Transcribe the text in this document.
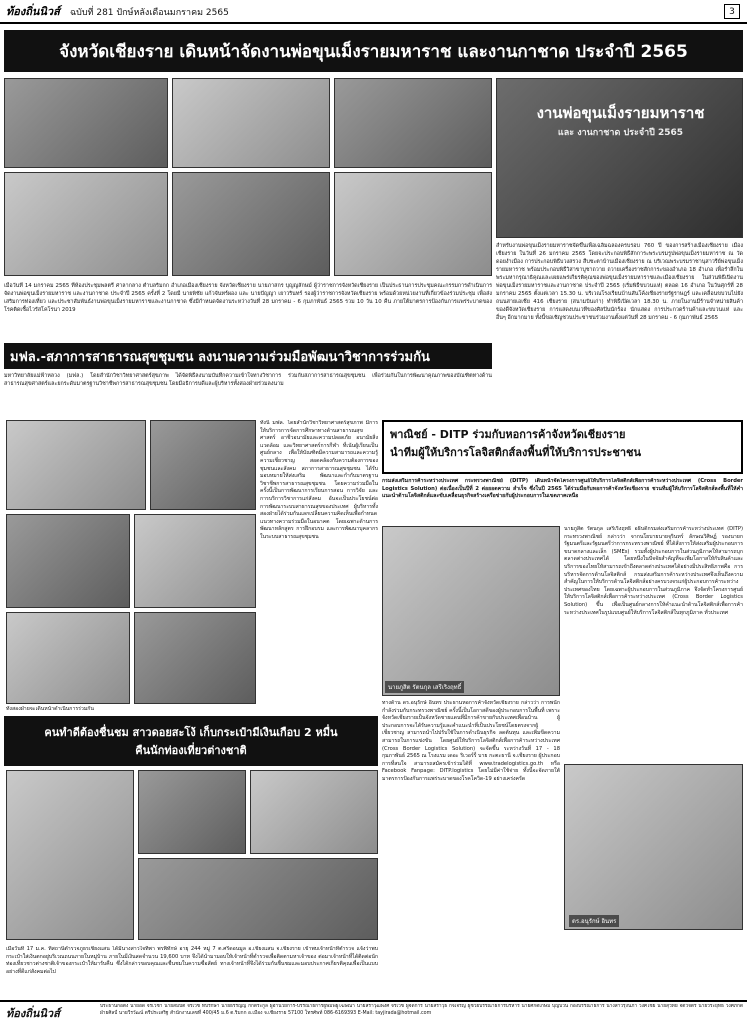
ท้องถิ่นนิวส์	ฉบับที่ 281 ปักษ์หลังเดือนมกราคม 2565	3
จังหวัดเชียงราย เดินหน้าจัดงานพ่อขุนเม็งรายมหาราช และงานกาชาด ประจำปี 2565
งานพ่อขุนเม็งรายมหาราช
และ งานกาชาด ประจำปี 2565
เมื่อวันที่ 14 มกราคม 2565 ที่ห้องประชุมพลตรี ศาลากลาง ตำบลริมกก อำเภอเมืองเชียงราย จังหวัดเชียงราย นายภาสกร บุญญลักษม์ ผู้ว่าราชการจังหวัดเชียงราย เป็นประธานการประชุมคณะกรรมการดำเนินการจัดงานพ่อขุนเม็งรายมหาราช และงานกาชาด ประจำปี 2565 ครั้งที่ 2 โดยมี นายพิชัย แก้วจันทร์ผอง และ นายปัญญา เยาวรินทร์ รองผู้ว่าราชการจังหวัดเชียงราย พร้อมด้วยหน่วยงานที่เกี่ยวข้องร่วมประชุม เพื่อส่งเสริมการท่องเที่ยว และประชาสัมพันธ์งานพ่อขุนเม็งรายมหาราชและงานกาชาด ซึ่งมีกำหนดจัดงานระหว่างวันที่ 28 มกราคม - 6 กุมภาพันธ์ 2565 รวม 10 วัน 10 คืน ภายใต้มาตรการป้องกันการแพร่ระบาดของโรคติดเชื้อไวรัสโคโรนา 2019
สำหรับงานพ่อขุนเม็งรายมหาราชจัดขึ้นเพื่อเฉลิมฉลองครบรอบ 760 ปี ของการสร้างเมืองเชียงราย เมืองเชียงราย ในวันที่ 26 มกราคม 2565 โดยจะประกอบพิธีสักการะพระบรมรูปพ่อขุนเม็งรายมหาราช ณ วัดดอยงำเมือง การประกอบพิธีบวงสรวง สืบชะตาบ้านเมืองเชียงราย ณ บริเวณพระบรมราชานุสาวรีย์พ่อขุนเม็งรายมหาราช พร้อมประกอบพิธีวิสาขาบูชาถวาย ถวายเครื่องราชสักการะของอำเภอ 18 อำเภอ เพื่อรำลึกในพระมหากรุณาธิคุณและเผยแพร่เกียรติคุณของพ่อขุนเม็งรายมหาราชและเมืองเชียงราย ในส่วนพิธีเปิดงานพ่อขุนเม็งรายมหาราชและงานกาชาด ประจำปี 2565 (เริ่มพิธีขบวนแห่) ตลอด 16 อำเภอ ในวันศุกร์ที่ 28 มกราคม 2565 ตั้งแต่เวลา 15.30 น. บริเวณโรงเรียนบ้านสันโค้งเชียงรายรัฐราษฎร์ และเคลื่อนขบวนไปยังถนนสายเอเชีย 416 เชียงราย (สนามบินเก่า) ทำพิธีเปิดเวลา 18.30 น. ภายในงานมีร้านจำหน่ายสินค้าของดีจังหวัดเชียงราย การแสดงบนเวทีของศิลปินนักร้อง นักแสดง การประกวดร้านค้าและขบวนแห่ และอื่นๆ อีกมากมาย ทั้งนี้ขอเชิญชวนประชาชนร่วมงานตั้งแต่วันที่ 28 มกราคม - 6 กุมภาพันธ์ 2565
มฟล.-สภาการสาธารณสุขชุมชน ลงนามความร่วมมือพัฒนาวิชาการร่วมกัน
มหาวิทยาลัยแม่ฟ้าหลวง (มฟล.) โดยสำนักวิชาวิทยาศาสตร์สุขภาพ ได้จัดพิธีลงนามบันทึกความเข้าใจทางวิชาการ ร่วมกับสภาการสาธารณสุขชุมชน เพื่อร่วมกันในการพัฒนาคุณภาพของบัณฑิตทางด้านสาธารณสุขศาสตร์และยกระดับมาตรฐานวิชาชีพการสาธารณสุขชุมชน โดยมีอธิการบดีและผู้บริหารทั้งสองฝ่ายร่วมลงนาม
ทั้งนี้ มฟล. โดยสำนักวิชาวิทยาศาสตร์สุขภาพ มีการให้บริการการจัดการศึกษาทางด้านสาธารณสุขศาสตร์ อาชีวอนามัยและความปลอดภัย อนามัยสิ่งแวดล้อม และวิทยาศาสตร์การกีฬา ที่เน้นผู้เรียนเป็นศูนย์กลาง เพื่อให้บัณฑิตมีความสามารถและความรู้ความเชี่ยวชาญ สอดคล้องกับความต้องการของชุมชนและสังคม สภาการสาธารณสุขชุมชน ได้รับมอบหมายให้ส่งเสริม พัฒนาและกำกับมาตรฐานวิชาชีพการสาธารณสุขชุมชน โดยความร่วมมือในครั้งนี้เป็นการพัฒนาการเรียนการสอน การวิจัย และการบริการวิชาการแก่สังคม อันจะเป็นประโยชน์ต่อการพัฒนาระบบสาธารณสุขของประเทศ ผู้บริหารทั้งสองฝ่ายได้ร่วมกันแลกเปลี่ยนความคิดเห็นเพื่อกำหนดแนวทางความร่วมมือในอนาคต โดยเฉพาะด้านการพัฒนาหลักสูตร การฝึกอบรม และการพัฒนาบุคลากรในระบบสาธารณสุขชุมชน
ทั้งสองฝ่ายจะเดินหน้าดำเนินการร่วมกัน
คนทำดีต้องชื่นชม สาวดอยสะโง้ เก็บกระเป๋ามีเงินเกือบ 2 หมื่น
คืนนักท่องเที่ยวต่างชาติ
เมื่อวันที่ 17 ม.ค. ที่สถานีตำรวจภูธรเชียงแสน ได้มีนางสาวใจทิพา พรพิทักษ์ อายุ 244 หมู่ 7 ต.ศรีดอนมูล อ.เชียงแสน จ.เชียงราย เข้าพบเจ้าหน้าที่ตำรวจ แจ้งว่าพบกระเป๋าใส่เงินตกอยู่บริเวณถนนภายในหมู่บ้าน ภายในมีเงินสดจำนวน 19,600 บาท จึงได้นำมามอบให้เจ้าหน้าที่ตำรวจเพื่อติดตามหาเจ้าของ ต่อมาเจ้าหน้าที่ได้ติดต่อนักท่องเที่ยวชาวต่างชาติเจ้าของกระเป๋าให้มารับคืน ซึ่งได้กล่าวขอบคุณและชื่นชมในความซื่อสัตย์ ทางเจ้าหน้าที่จึงได้ร่วมกันชื่นชมและมอบประกาศเกียรติคุณเพื่อเป็นแบบอย่างที่ดีแก่สังคมต่อไป
พาณิชย์ - DITP ร่วมกับหอการค้าจังหวัดเชียงราย
นำทีมผู้ให้บริการโลจิสติกส์ลงพื้นที่ให้บริการประชาชน
กรมส่งเสริมการค้าระหว่างประเทศ กระทรวงพาณิชย์ (DITP) เดินหน้าจัดโครงการศูนย์ให้บริการโลจิสติกส์เพื่อการค้าระหว่างประเทศ (Cross Border Logistics Solution) ต่อเนื่องเป็นปีที่ 2 ต่อยอดความ สำเร็จ ซึ่งในปี 2565 ได้ร่วมมือกับหอการค้าจังหวัดเชียงราย ชวนทีมผู้ให้บริการโลจิสติกส์ลงพื้นที่ให้คำแนะนำด้านโลจิสติกส์และขับเคลื่อนธุรกิจสร้างเครือข่ายกับผู้ประกอบการในเขตภาคเหนือ
นายภูสิต รัตนกุล เสรีเริงฤทธิ์
นายภูสิต รัตนกุล เสรีเริงฤทธิ์ อธิบดีกรมส่งเสริมการค้าระหว่างประเทศ (DITP) กระทรวงพาณิชย์ กล่าวว่า จากนโยบายนายจุรินทร์ ลักษณวิศิษฏ์ รองนายกรัฐมนตรีและรัฐมนตรีว่าการกระทรวงพาณิชย์ ที่ได้สั่งการให้ส่งเสริมผู้ประกอบการขนาดกลางและเล็ก (SMEs) รวมทั้งผู้ประกอบการในส่วนภูมิภาคให้สามารถบุกตลาดต่างประเทศได้ โดยหนึ่งในปัจจัยสำคัญที่จะเพิ่มโอกาสให้กับสินค้าและบริการของไทยให้สามารถเข้าถึงตลาดต่างประเทศได้อย่างมีประสิทธิภาพคือ การบริหารจัดการด้านโลจิสติกส์ กรมส่งเสริมการค้าระหว่างประเทศจึงเห็นถึงความสำคัญในการให้บริการด้านโลจิสติกส์อย่างครบวงจรแก่ผู้ประกอบการค้าระหว่างประเทศของไทย โดยเฉพาะผู้ประกอบการในส่วนภูมิภาค จึงจัดทำโครงการศูนย์ให้บริการโลจิสติกส์เพื่อการค้าระหว่างประเทศ (Cross Border Logistics Solution) ขึ้น เพื่อเป็นศูนย์กลางการให้คำแนะนำด้านโลจิสติกส์เพื่อการค้าระหว่างประเทศในรูปแบบศูนย์ให้บริการโลจิสติกส์ในทุกภูมิภาค ทั่วประเทศ
ทางด้าน ดร.อนุรักษ์ อินทร ประธานหอการค้าจังหวัดเชียงราย กล่าวว่า การพนักกำลังร่วมกับกระทรวงพาณิชย์ ครั้งนี้เป็นโอกาสดีของผู้ประกอบการในพื้นที่ เพราะจังหวัดเชียงรายเป็นจังหวัดชายแดนที่มีการค้าขายกับประเทศเพื่อนบ้าน ผู้ประกอบการจะได้รับความรู้และคำแนะนำที่เป็นประโยชน์โดยตรงจากผู้เชี่ยวชาญ สามารถนำไปปรับใช้ในการดำเนินธุรกิจ ลดต้นทุน และเพิ่มขีดความสามารถในการแข่งขัน โดยศูนย์ให้บริการโลจิสติกส์เพื่อการค้าระหว่างประเทศ (Cross Border Logistics Solution) จะจัดขึ้น ระหว่างวันที่ 17 - 18 กุมภาพันธ์ 2565 ณ โรงแรม เดอะ ริเวอร์รี่ บาย กะตะธานี จ.เชียงราย ผู้ประกอบการที่สนใจ สามารถสมัครเข้าร่วมได้ที่ www.tradelogistics.go.th หรือ Facebook Fanpage: DITP.logistics โดยไม่มีค่าใช้จ่าย ทั้งนี้จะจัดภายใต้มาตรการป้องกันการแพร่ระบาดของโรคโควิด-19 อย่างเคร่งครัด
ดร.อนุรักษ์ อินทร
ท้องถิ่นนิวส์
ประธานก่อตั้ง นายอี้ด จีรเวชา นายสมบัติ จีรเวช ที่ปรึกษา นายธรรญญ์ ก๊กตระกูล ผู้อำนวยการ-บรรณาธิการผู้พิมพ์ผู้โฆษณา นายสราวุฒิพงศ์ จีรเวช ผู้จัดการ นายสราวุธ กิจเจริญ ผู้ช่วยบรรณาธิการบริหาร นายศักดิ์เกษม บุญปวน กองบรรณาธิการ นางสาวรุ่งนภา วงศ์ไชย นายสุวิทย์ จิตวิจิตร นายวีระยุทธ วงศ์ภักดี ฝ่ายศิลป์ นายวีรวัฒน์ ตรีประเสริฐ สำนักงานเลขที่ 400/45 ม.6 ต.ริมกก อ.เมือง จ.เชียงราย 57100 โทรศัพท์ 086-6169393 E-Mail: tayjirada@hotmail.com
